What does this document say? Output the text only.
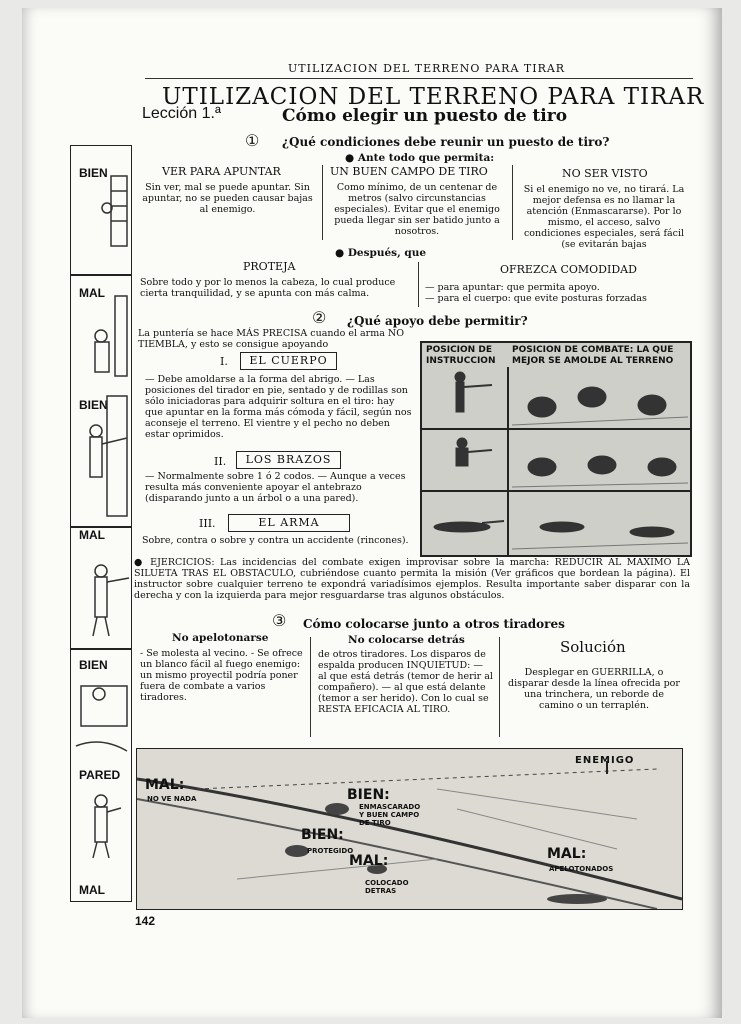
UTILIZACION DEL TERRENO PARA TIRAR
UTILIZACION DEL TERRENO PARA TIRAR
Lección 1.ª	Cómo elegir un puesto de tiro
① ¿Qué condiciones debe reunir un puesto de tiro?
● Ante todo que permita:
VER PARA APUNTAR
Sin ver, mal se puede apuntar. Sin apuntar, no se pueden causar bajas al enemigo.
UN BUEN CAMPO DE TIRO
Como mínimo, de un centenar de metros (salvo circunstancias especiales). Evitar que el enemigo pueda llegar sin ser batido junto a nosotros.
NO SER VISTO
Si el enemigo no ve, no tirará. La mejor defensa es no llamar la atención (Enmascararse). Por lo mismo, el acceso, salvo condiciones especiales, será fácil (se evitarán bajas
● Después, que
PROTEJA
Sobre todo y por lo menos la cabeza, lo cual produce cierta tranquilidad, y se apunta con más calma.
OFREZCA COMODIDAD
— para apuntar: que permita apoyo.
— para el cuerpo: que evite posturas forzadas
② ¿Qué apoyo debe permitir?
La puntería se hace MÁS PRECISA cuando el arma NO TIEMBLA, y esto se consigue apoyando
I.	EL CUERPO
— Debe amoldarse a la forma del abrigo. — Las posiciones del tirador en pie, sentado y de rodillas son sólo iniciadoras para adquirir soltura en el tiro: hay que apuntar en la forma más cómoda y fácil, según nos aconseje el terreno. El vientre y el pecho no deben estar oprimidos.
II.	LOS BRAZOS
— Normalmente sobre 1 ó 2 codos. — Aunque a veces resulta más conveniente apoyar el antebrazo (disparando junto a un árbol o a una pared).
III.	EL ARMA
Sobre, contra o sobre y contra un accidente (rincones).
POSICION DE INSTRUCCION
POSICION DE COMBATE: LA QUE MEJOR SE AMOLDE AL TERRENO
● EJERCICIOS: Las incidencias del combate exigen improvisar sobre la marcha: REDUCIR AL MAXIMO LA SILUETA TRAS EL OBSTACULO, cubriéndose cuanto permita la misión (Ver gráficos que bordean la página). El instructor sobre cualquier terreno te expondrá variadísimos ejemplos. Resulta importante saber disparar con la derecha y con la izquierda para mejor resguardarse tras algunos obstáculos.
③ Cómo colocarse junto a otros tiradores
No apelotonarse
- Se molesta al vecino. - Se ofrece un blanco fácil al fuego enemigo: un mismo proyectil podría poner fuera de combate a varios tiradores.
No colocarse detrás
de otros tiradores. Los disparos de espalda producen INQUIETUD: — al que está detrás (temor de herir al compañero). — al que está delante (temor a ser herido). Con lo cual se RESTA EFICACIA AL TIRO.
Solución
Desplegar en GUERRILLA, o disparar desde la línea ofrecida por una trinchera, un reborde de camino o un terraplén.
BIEN
MAL
BIEN
MAL
BIEN
PARED
MAL
MAL:
NO VE NADA	BIEN:
ENMASCARADO Y BUEN CAMPO DE TIRO
BIEN:
PROTEGIDO
MAL:
COLOCADO DETRAS
MAL:
APELOTONADOS
ENEMIGO
142
